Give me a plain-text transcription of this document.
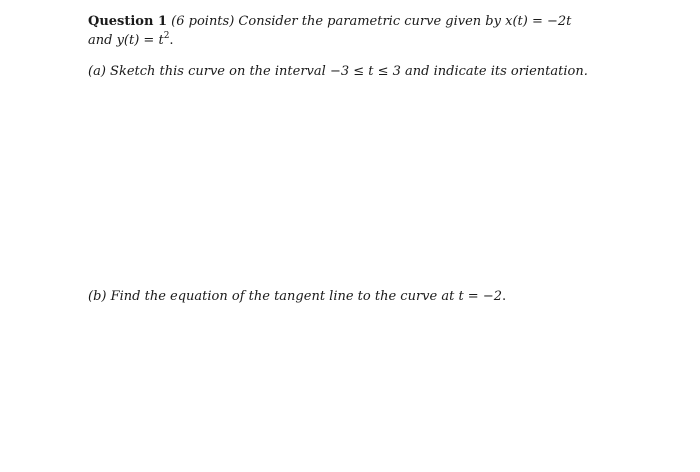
Question 1 (6 points) Consider the parametric curve given by x(t) = −2t
and $y(t) = t^2$.
(a) Sketch this curve on the interval −3 ≤ t ≤ 3 and indicate its orientation.
(b) Find the equation of the tangent line to the curve at t = −2.
